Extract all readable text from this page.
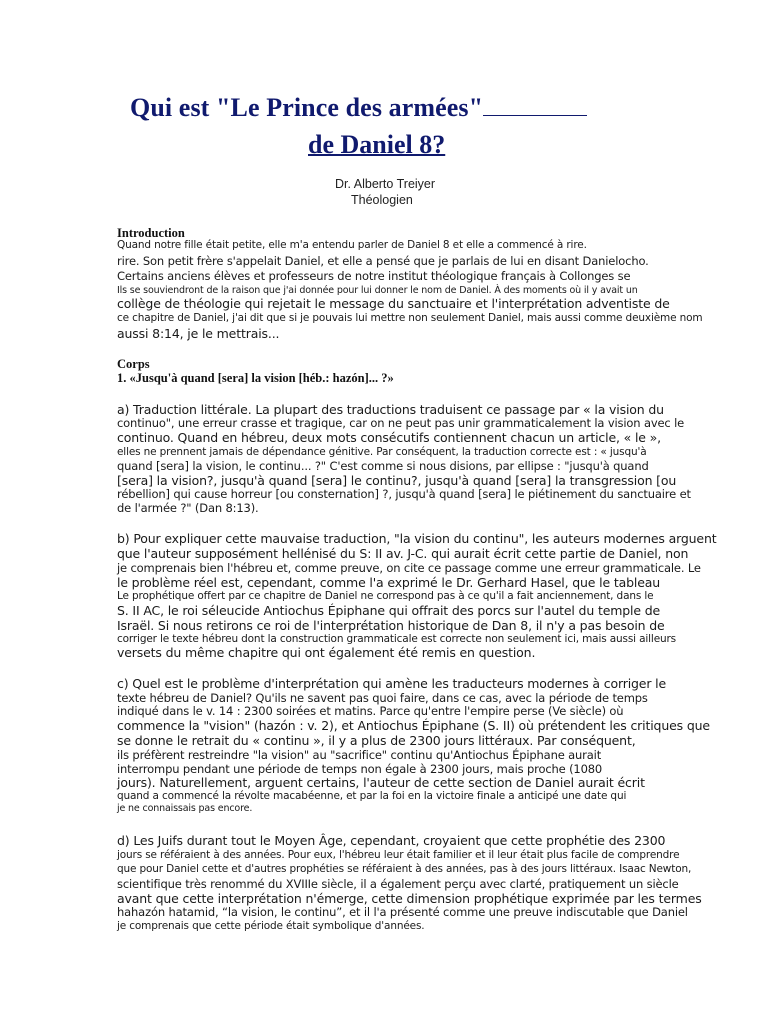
Qui est "Le Prince des armées"
de Daniel 8?
Dr. Alberto Treiyer
Théologien
Introduction
Quand notre fille était petite, elle m'a entendu parler de Daniel 8 et elle a commencé à rire.
rire. Son petit frère s'appelait Daniel, et elle a pensé que je parlais de lui en disant Danielocho.
Certains anciens élèves et professeurs de notre institut théologique français à Collonges se
Ils se souviendront de la raison que j'ai donnée pour lui donner le nom de Daniel. À des moments où il y avait un
collège de théologie qui rejetait le message du sanctuaire et l'interprétation adventiste de
ce chapitre de Daniel, j'ai dit que si je pouvais lui mettre non seulement Daniel, mais aussi comme deuxième nom
aussi 8:14, je le mettrais...
Corps
1. «Jusqu'à quand [sera] la vision [héb.: hazón]... ?»
a) Traduction littérale. La plupart des traductions traduisent ce passage par « la vision du
continuo", une erreur crasse et tragique, car on ne peut pas unir grammaticalement la vision avec le
continuo. Quand en hébreu, deux mots consécutifs contiennent chacun un article, « le »,
elles ne prennent jamais de dépendance génitive. Par conséquent, la traduction correcte est : « jusqu'à
quand [sera] la vision, le continu... ?" C'est comme si nous disions, par ellipse : "jusqu'à quand
[sera] la vision?, jusqu'à quand [sera] le continu?, jusqu'à quand [sera] la transgression [ou
rébellion] qui cause horreur [ou consternation] ?, jusqu'à quand [sera] le piétinement du sanctuaire et
de l'armée ?" (Dan 8:13).
b) Pour expliquer cette mauvaise traduction, "la vision du continu", les auteurs modernes arguent
que l'auteur supposément hellénisé du S: II av. J-C. qui aurait écrit cette partie de Daniel, non
je comprenais bien l'hébreu et, comme preuve, on cite ce passage comme une erreur grammaticale. Le
le problème réel est, cependant, comme l'a exprimé le Dr. Gerhard Hasel, que le tableau
Le prophétique offert par ce chapitre de Daniel ne correspond pas à ce qu'il a fait anciennement, dans le
S. II AC, le roi séleucide Antiochus Épiphane qui offrait des porcs sur l'autel du temple de
Israël. Si nous retirons ce roi de l'interprétation historique de Dan 8, il n'y a pas besoin de
corriger le texte hébreu dont la construction grammaticale est correcte non seulement ici, mais aussi ailleurs
versets du même chapitre qui ont également été remis en question.
c) Quel est le problème d'interprétation qui amène les traducteurs modernes à corriger le
texte hébreu de Daniel? Qu'ils ne savent pas quoi faire, dans ce cas, avec la période de temps
indiqué dans le v. 14 : 2300 soirées et matins. Parce qu'entre l'empire perse (Ve siècle) où
commence la "vision" (hazón : v. 2), et Antiochus Épiphane (S. II) où prétendent les critiques que
se donne le retrait du « continu », il y a plus de 2300 jours littéraux. Par conséquent,
ils préfèrent restreindre "la vision" au "sacrifice" continu qu'Antiochus Épiphane aurait
interrompu pendant une période de temps non égale à 2300 jours, mais proche (1080
jours). Naturellement, arguent certains, l'auteur de cette section de Daniel aurait écrit
quand a commencé la révolte macabéenne, et par la foi en la victoire finale a anticipé une date qui
je ne connaissais pas encore.
d) Les Juifs durant tout le Moyen Âge, cependant, croyaient que cette prophétie des 2300
jours se référaient à des années. Pour eux, l'hébreu leur était familier et il leur était plus facile de comprendre
que pour Daniel cette et d'autres prophéties se référaient à des années, pas à des jours littéraux. Isaac Newton,
scientifique très renommé du XVIIIe siècle, il a également perçu avec clarté, pratiquement un siècle
avant que cette interprétation n'émerge, cette dimension prophétique exprimée par les termes
hahazón hatamid, “la vision, le continu”, et il l'a présenté comme une preuve indiscutable que Daniel
je comprenais que cette période était symbolique d'années.
